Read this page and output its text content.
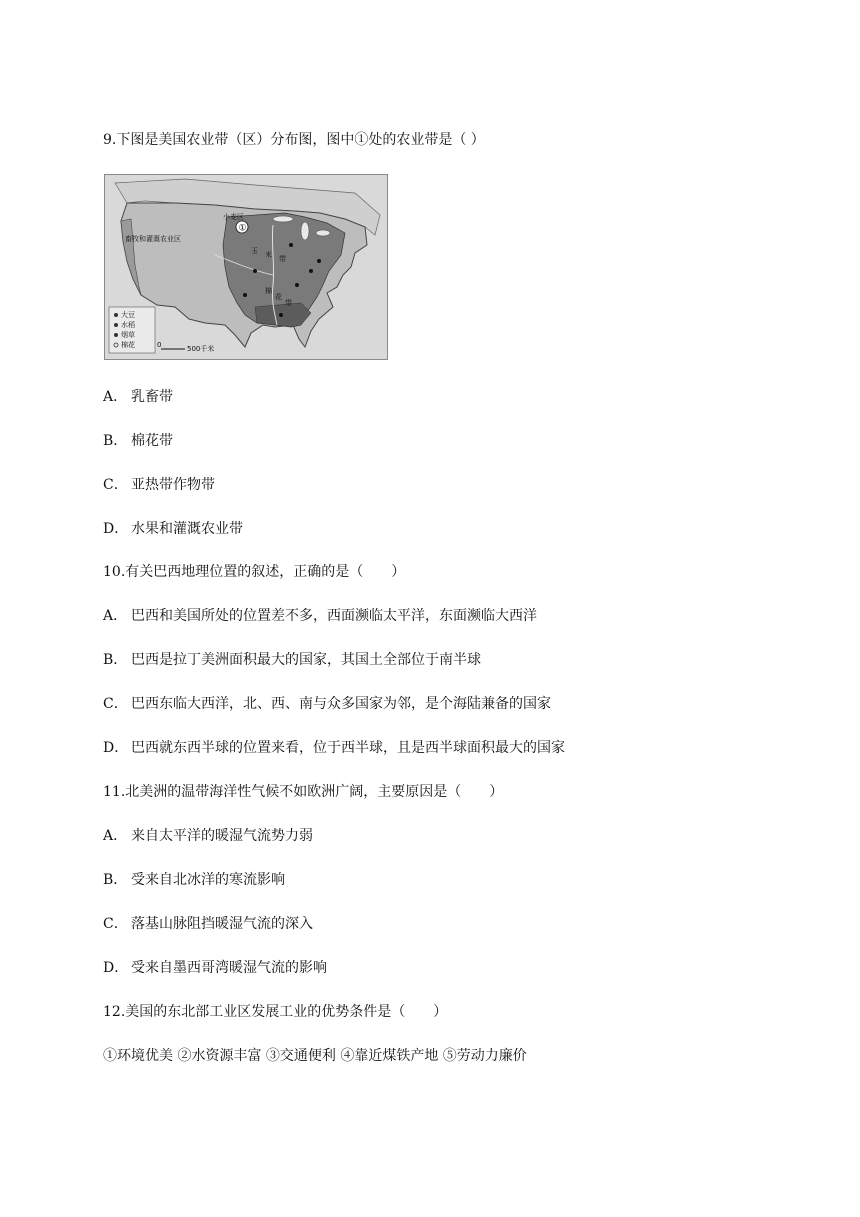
9.下图是美国农业带（区）分布图，图中①处的农业带是（ ）
畜牧和灌溉农业区
小麦区
①
玉 米 带
棉
花
带
大豆
水稻
烟草
棉花	0	500千米
A． 乳畜带
B． 棉花带
C． 亚热带作物带
D． 水果和灌溉农业带
10.有关巴西地理位置的叙述，正确的是（　　）
A． 巴西和美国所处的位置差不多，西面濒临太平洋，东面濒临大西洋
B． 巴西是拉丁美洲面积最大的国家，其国土全部位于南半球
C． 巴西东临大西洋，北、西、南与众多国家为邻，是个海陆兼备的国家
D． 巴西就东西半球的位置来看，位于西半球，且是西半球面积最大的国家
11.北美洲的温带海洋性气候不如欧洲广阔，主要原因是（　　）
A． 来自太平洋的暖湿气流势力弱
B． 受来自北冰洋的寒流影响
C． 落基山脉阻挡暖湿气流的深入
D． 受来自墨西哥湾暖湿气流的影响
12.美国的东北部工业区发展工业的优势条件是（　　）
①环境优美 ②水资源丰富 ③交通便利 ④靠近煤铁产地 ⑤劳动力廉价
